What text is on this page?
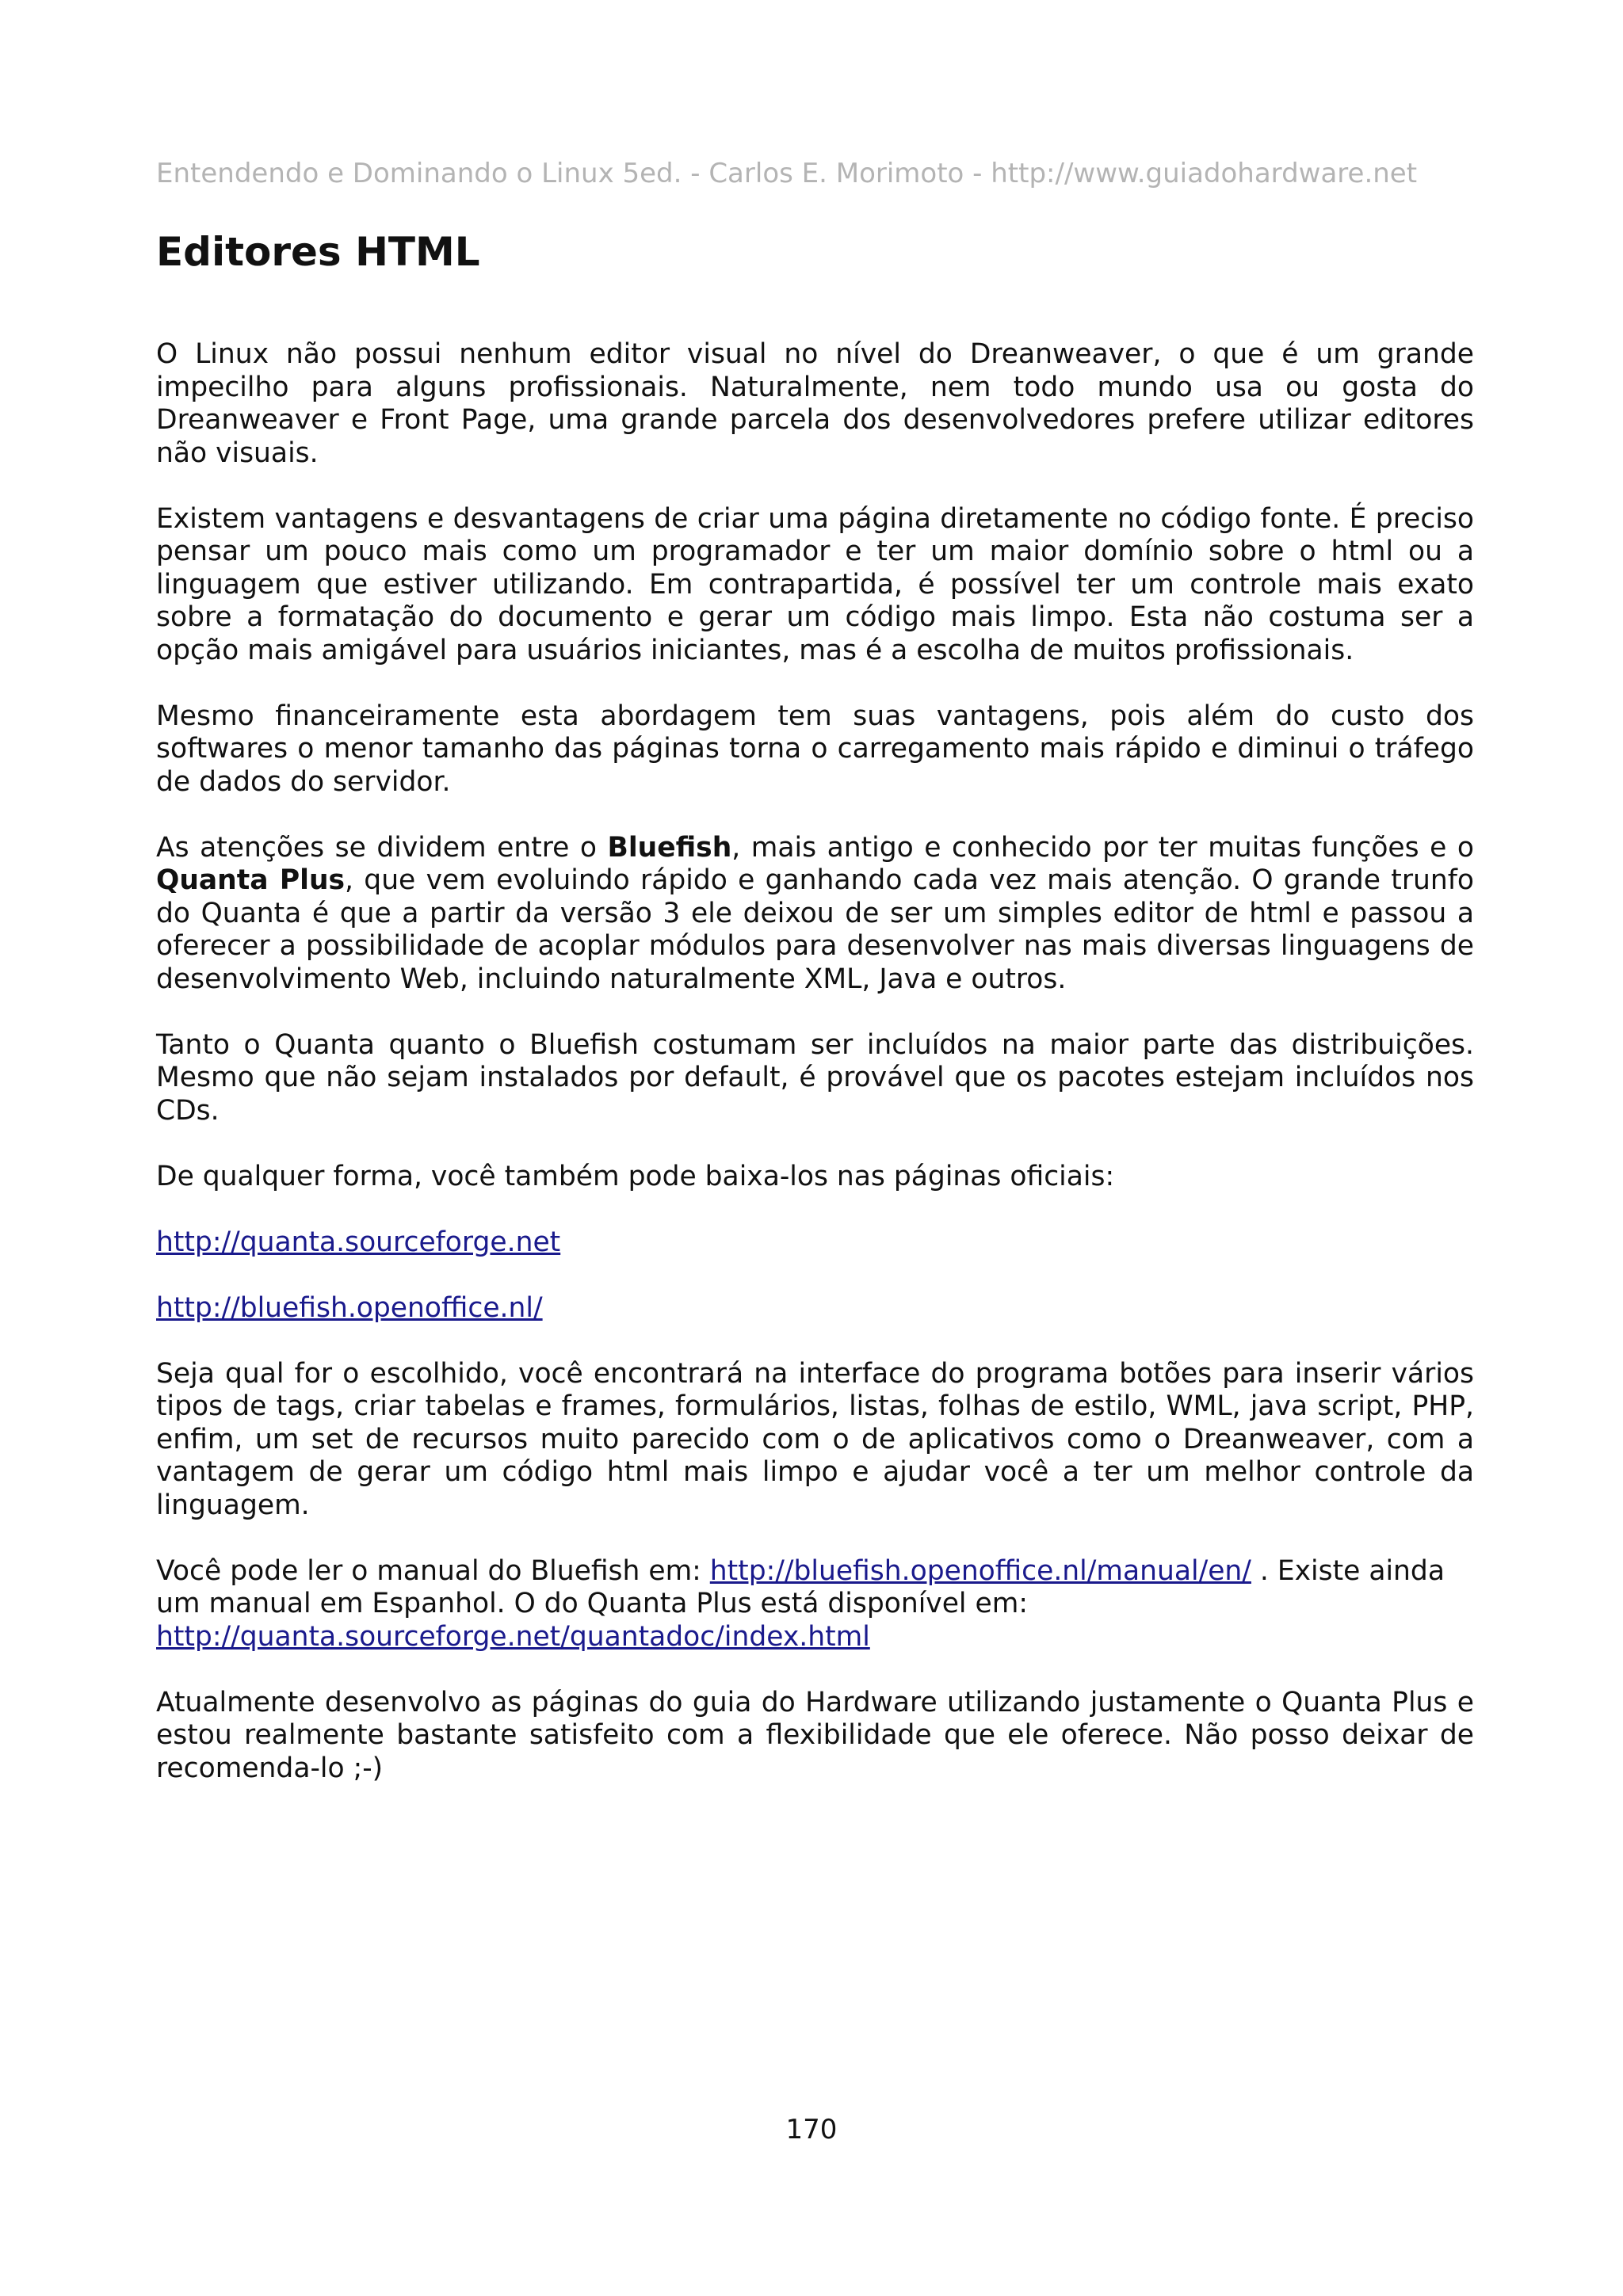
Entendendo e Dominando o Linux 5ed. - Carlos E. Morimoto - http://www.guiadohardware.net
Editores HTML

O Linux não possui nenhum editor visual no nível do Dreanweaver, o que é um grande impecilho para alguns profissionais. Naturalmente, nem todo mundo usa ou gosta do Dreanweaver e Front Page, uma grande parcela dos desenvolvedores prefere utilizar editores não visuais.

Existem vantagens e desvantagens de criar uma página diretamente no código fonte. É preciso pensar um pouco mais como um programador e ter um maior domínio sobre o html ou a linguagem que estiver utilizando. Em contrapartida, é possível ter um controle mais exato sobre a formatação do documento e gerar um código mais limpo. Esta não costuma ser a opção mais amigável para usuários iniciantes, mas é a escolha de muitos profissionais.

Mesmo financeiramente esta abordagem tem suas vantagens, pois além do custo dos softwares o menor tamanho das páginas torna o carregamento mais rápido e diminui o tráfego de dados do servidor.

As atenções se dividem entre o Bluefish, mais antigo e conhecido por ter muitas funções e o Quanta Plus, que vem evoluindo rápido e ganhando cada vez mais atenção. O grande trunfo do Quanta é que a partir da versão 3 ele deixou de ser um simples editor de html e passou a oferecer a possibilidade de acoplar módulos para desenvolver nas mais diversas linguagens de desenvolvimento Web, incluindo naturalmente XML, Java e outros.

Tanto o Quanta quanto o Bluefish costumam ser incluídos na maior parte das distribuições. Mesmo que não sejam instalados por default, é provável que os pacotes estejam incluídos nos CDs.

De qualquer forma, você também pode baixa-los nas páginas oficiais:

http://quanta.sourceforge.net

http://bluefish.openoffice.nl/

Seja qual for o escolhido, você encontrará na interface do programa botões para inserir vários tipos de tags, criar tabelas e frames, formulários, listas, folhas de estilo, WML, java script, PHP, enfim, um set de recursos muito parecido com o de aplicativos como o Dreanweaver, com a vantagem de gerar um código html mais limpo e ajudar você a ter um melhor controle da linguagem.

Você pode ler o manual do Bluefish em: http://bluefish.openoffice.nl/manual/en/ . Existe ainda um manual em Espanhol. O do Quanta Plus está disponível em: http://quanta.sourceforge.net/quantadoc/index.html

Atualmente desenvolvo as páginas do guia do Hardware utilizando justamente o Quanta Plus e estou realmente bastante satisfeito com a flexibilidade que ele oferece. Não posso deixar de recomenda-lo ;-)

170
